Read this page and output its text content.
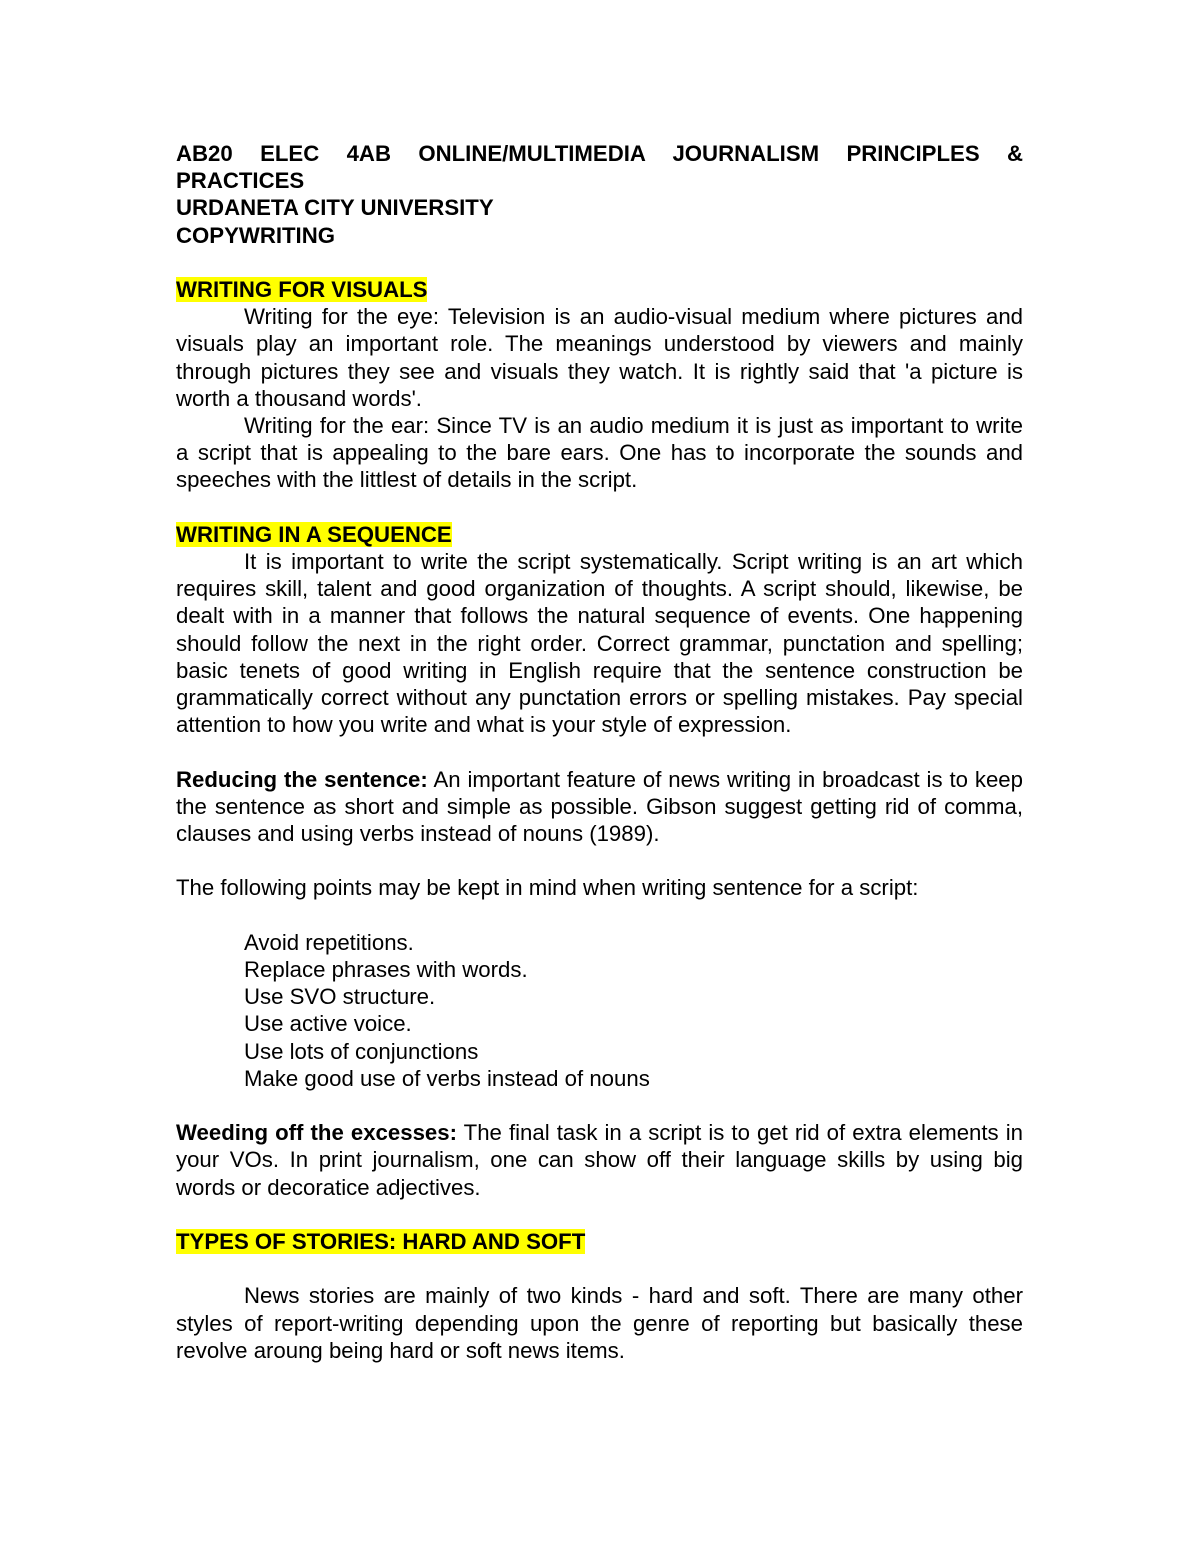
AB20 ELEC 4AB ONLINE/MULTIMEDIA JOURNALISM PRINCIPLES & PRACTICES

URDANETA CITY UNIVERSITY

COPYWRITING

WRITING FOR VISUALS

Writing for the eye: Television is an audio-visual medium where pictures and visuals play an important role. The meanings understood by viewers and mainly through pictures they see and visuals they watch. It is rightly said that 'a picture is worth a thousand words'.

Writing for the ear: Since TV is an audio medium it is just as important to write a script that is appealing to the bare ears. One has to incorporate the sounds and speeches with the littlest of details in the script.

WRITING IN A SEQUENCE

It is important to write the script systematically. Script writing is an art which requires skill, talent and good organization of thoughts. A script should, likewise, be dealt with in a manner that follows the natural sequence of events. One happening should follow the next in the right order. Correct grammar, punctation and spelling; basic tenets of good writing in English require that the sentence construction be grammatically correct without any punctation errors or spelling mistakes. Pay special attention to how you write and what is your style of expression.

Reducing the sentence: An important feature of news writing in broadcast is to keep the sentence as short and simple as possible. Gibson suggest getting rid of comma, clauses and using verbs instead of nouns (1989).

The following points may be kept in mind when writing sentence for a script:

Avoid repetitions.
Replace phrases with words.
Use SVO structure.
Use active voice.
Use lots of conjunctions
Make good use of verbs instead of nouns

Weeding off the excesses: The final task in a script is to get rid of extra elements in your VOs. In print journalism, one can show off their language skills by using big words or decoratice adjectives.

TYPES OF STORIES: HARD AND SOFT

News stories are mainly of two kinds - hard and soft. There are many other styles of report-writing depending upon the genre of reporting but basically these revolve aroung being hard or soft news items.
